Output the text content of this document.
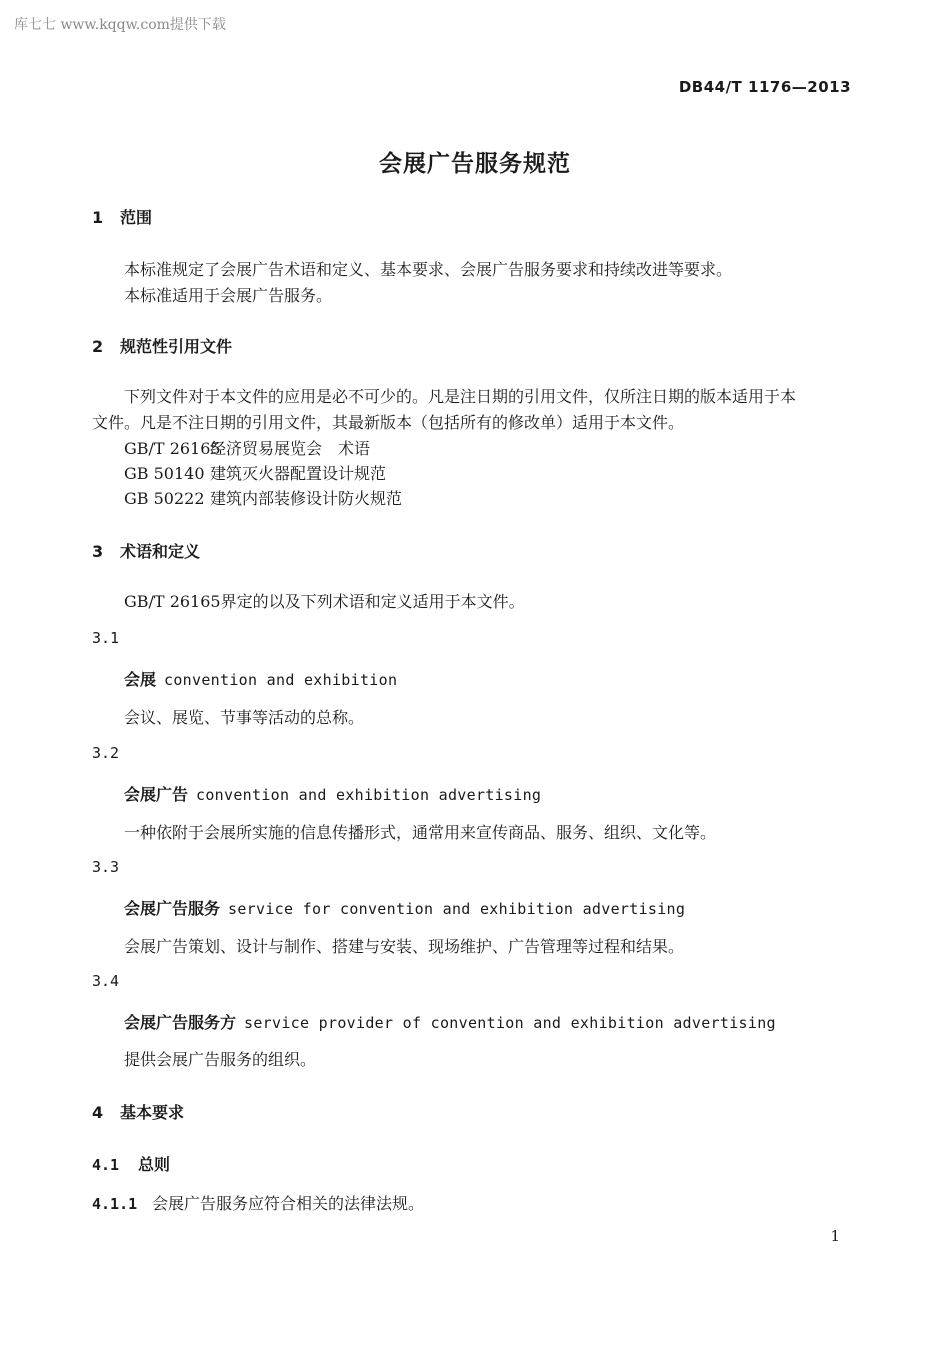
库七七 www.kqqw.com提供下载
DB44/T 1176—2013
会展广告服务规范
1 范围
本标准规定了会展广告术语和定义、基本要求、会展广告服务要求和持续改进等要求。
本标准适用于会展广告服务。
2 规范性引用文件
下列文件对于本文件的应用是必不可少的。凡是注日期的引用文件，仅所注日期的版本适用于本
文件。凡是不注日期的引用文件，其最新版本（包括所有的修改单）适用于本文件。
GB/T 26165经济贸易展览会　术语
GB 50140 建筑灭火器配置设计规范
GB 50222 建筑内部装修设计防火规范
3 术语和定义
GB/T 26165界定的以及下列术语和定义适用于本文件。
3.1
会展 convention and exhibition
会议、展览、节事等活动的总称。
3.2
会展广告 convention and exhibition advertising
一种依附于会展所实施的信息传播形式，通常用来宣传商品、服务、组织、文化等。
3.3
会展广告服务 service for convention and exhibition advertising
会展广告策划、设计与制作、搭建与安装、现场维护、广告管理等过程和结果。
3.4
会展广告服务方 service provider of convention and exhibition advertising
提供会展广告服务的组织。
4 基本要求
4.1 总则
4.1.1 会展广告服务应符合相关的法律法规。
1
